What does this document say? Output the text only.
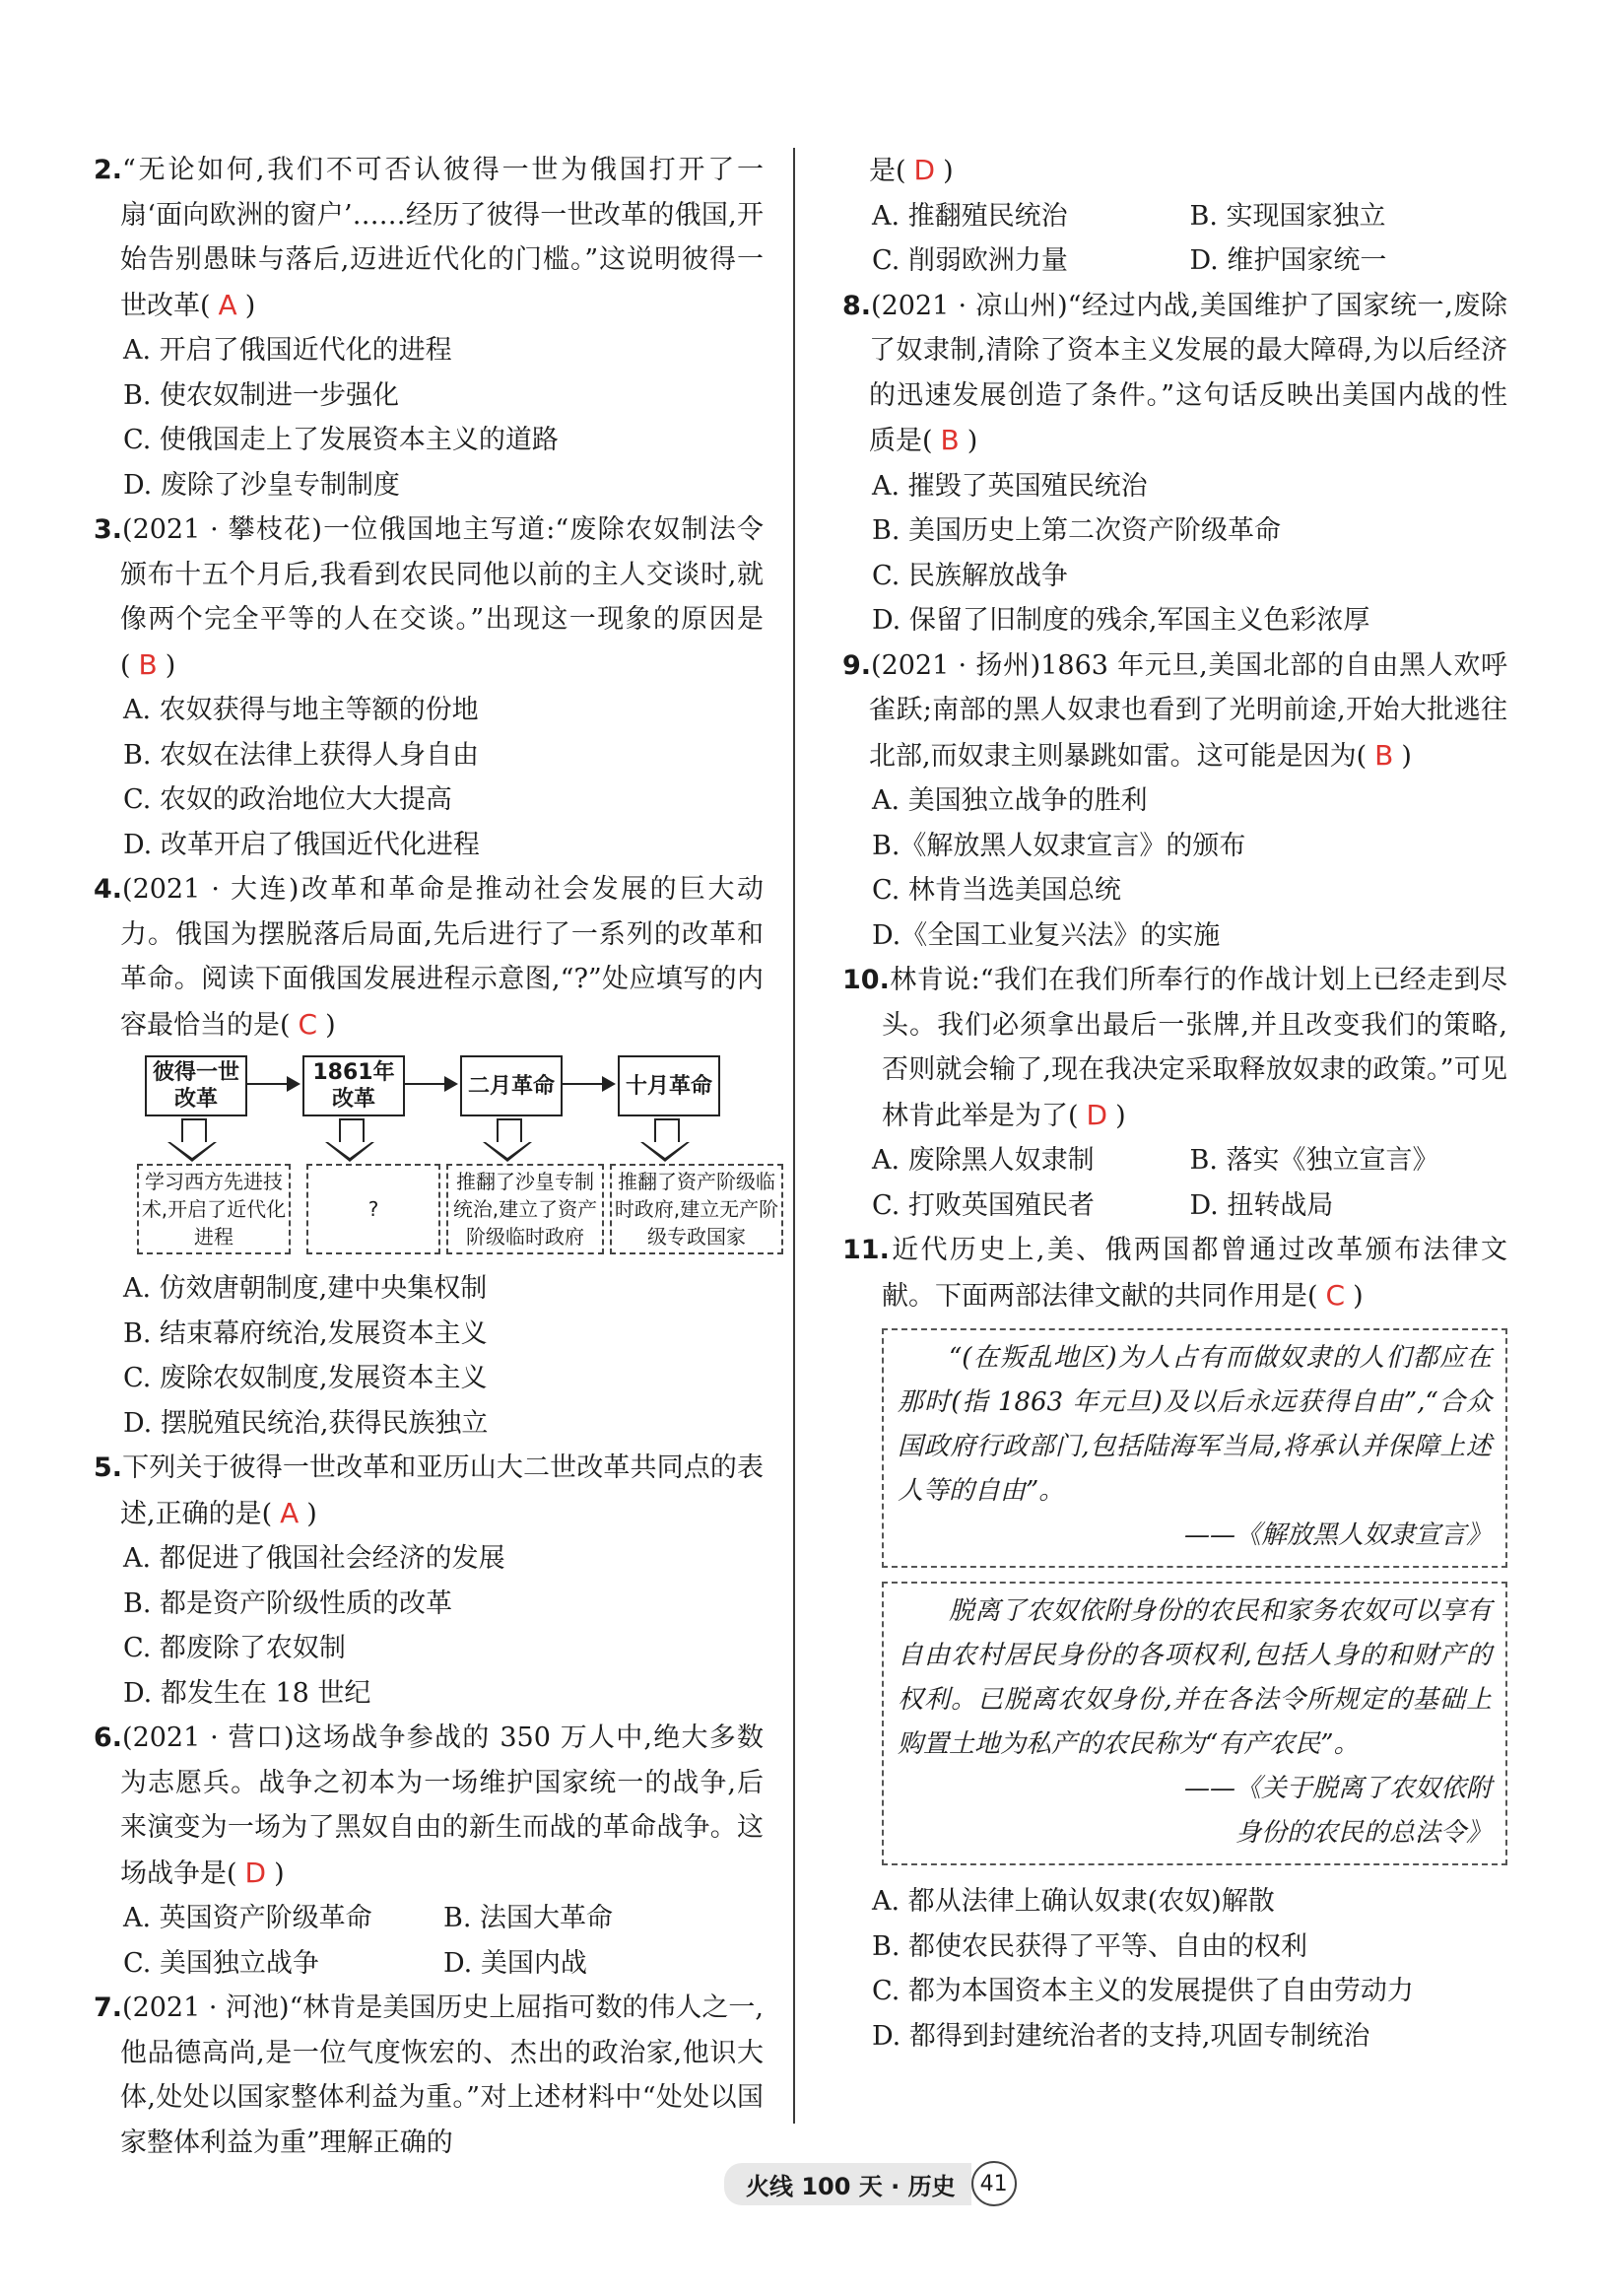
2.“无论如何,我们不可否认彼得一世为俄国打开了一扇‘面向欧洲的窗户’……经历了彼得一世改革的俄国,开始告别愚昧与落后,迈进近代化的门槛。”这说明彼得一世改革( A )

A. 开启了俄国近代化的进程

B. 使农奴制进一步强化

C. 使俄国走上了发展资本主义的道路

D. 废除了沙皇专制制度

3.(2021 · 攀枝花)一位俄国地主写道:“废除农奴制法令颁布十五个月后,我看到农民同他以前的主人交谈时,就像两个完全平等的人在交谈。”出现这一现象的原因是( B )

A. 农奴获得与地主等额的份地

B. 农奴在法律上获得人身自由

C. 农奴的政治地位大大提高

D. 改革开启了俄国近代化进程

4.(2021 · 大连)改革和革命是推动社会发展的巨大动力。俄国为摆脱落后局面,先后进行了一系列的改革和革命。阅读下面俄国发展进程示意图,“?”处应填写的内容最恰当的是( C )

彼得一世改革
1861年改革
二月革命	十月革命
学习西方先进技术,开启了近代化进程
?
推翻了沙皇专制统治,建立了资产阶级临时政府
推翻了资产阶级临时政府,建立无产阶级专政国家

A. 仿效唐朝制度,建中央集权制

B. 结束幕府统治,发展资本主义

C. 废除农奴制度,发展资本主义

D. 摆脱殖民统治,获得民族独立

5.下列关于彼得一世改革和亚历山大二世改革共同点的表述,正确的是( A )

A. 都促进了俄国社会经济的发展

B. 都是资产阶级性质的改革

C. 都废除了农奴制

D. 都发生在 18 世纪

6.(2021 · 营口)这场战争参战的 350 万人中,绝大多数为志愿兵。战争之初本为一场维护国家统一的战争,后来演变为一场为了黑奴自由的新生而战的革命战争。这场战争是( D )

A. 英国资产阶级革命	B. 法国大革命

C. 美国独立战争	D. 美国内战

7.(2021 · 河池)“林肯是美国历史上屈指可数的伟人之一,他品德高尚,是一位气度恢宏的、杰出的政治家,他识大体,处处以国家整体利益为重。”对上述材料中“处处以国家整体利益为重”理解正确的

是( D )

A. 推翻殖民统治	B. 实现国家独立

C. 削弱欧洲力量	D. 维护国家统一

8.(2021 · 凉山州)“经过内战,美国维护了国家统一,废除了奴隶制,清除了资本主义发展的最大障碍,为以后经济的迅速发展创造了条件。”这句话反映出美国内战的性质是( B )

A. 摧毁了英国殖民统治

B. 美国历史上第二次资产阶级革命

C. 民族解放战争

D. 保留了旧制度的残余,军国主义色彩浓厚

9.(2021 · 扬州)1863 年元旦,美国北部的自由黑人欢呼雀跃;南部的黑人奴隶也看到了光明前途,开始大批逃往北部,而奴隶主则暴跳如雷。这可能是因为( B )

A. 美国独立战争的胜利

B.《解放黑人奴隶宣言》的颁布

C. 林肯当选美国总统

D.《全国工业复兴法》的实施

10.林肯说:“我们在我们所奉行的作战计划上已经走到尽头。我们必须拿出最后一张牌,并且改变我们的策略,否则就会输了,现在我决定采取释放奴隶的政策。”可见林肯此举是为了( D )

A. 废除黑人奴隶制	B. 落实《独立宣言》

C. 打败英国殖民者	D. 扭转战局

11.近代历史上,美、俄两国都曾通过改革颁布法律文献。下面两部法律文献的共同作用是( C )

“(在叛乱地区)为人占有而做奴隶的人们都应在那时(指 1863 年元旦)及以后永远获得自由”,“合众国政府行政部门,包括陆海军当局,将承认并保障上述人等的自由”。

——《解放黑人奴隶宣言》

脱离了农奴依附身份的农民和家务农奴可以享有自由农村居民身份的各项权利,包括人身的和财产的权利。已脱离农奴身份,并在各法令所规定的基础上购置土地为私产的农民称为“有产农民”。

——《关于脱离了农奴依附

身份的农民的总法令》

A. 都从法律上确认奴隶(农奴)解散

B. 都使农民获得了平等、自由的权利

C. 都为本国资本主义的发展提供了自由劳动力

D. 都得到封建统治者的支持,巩固专制统治

火线 100 天 · 历史	41
